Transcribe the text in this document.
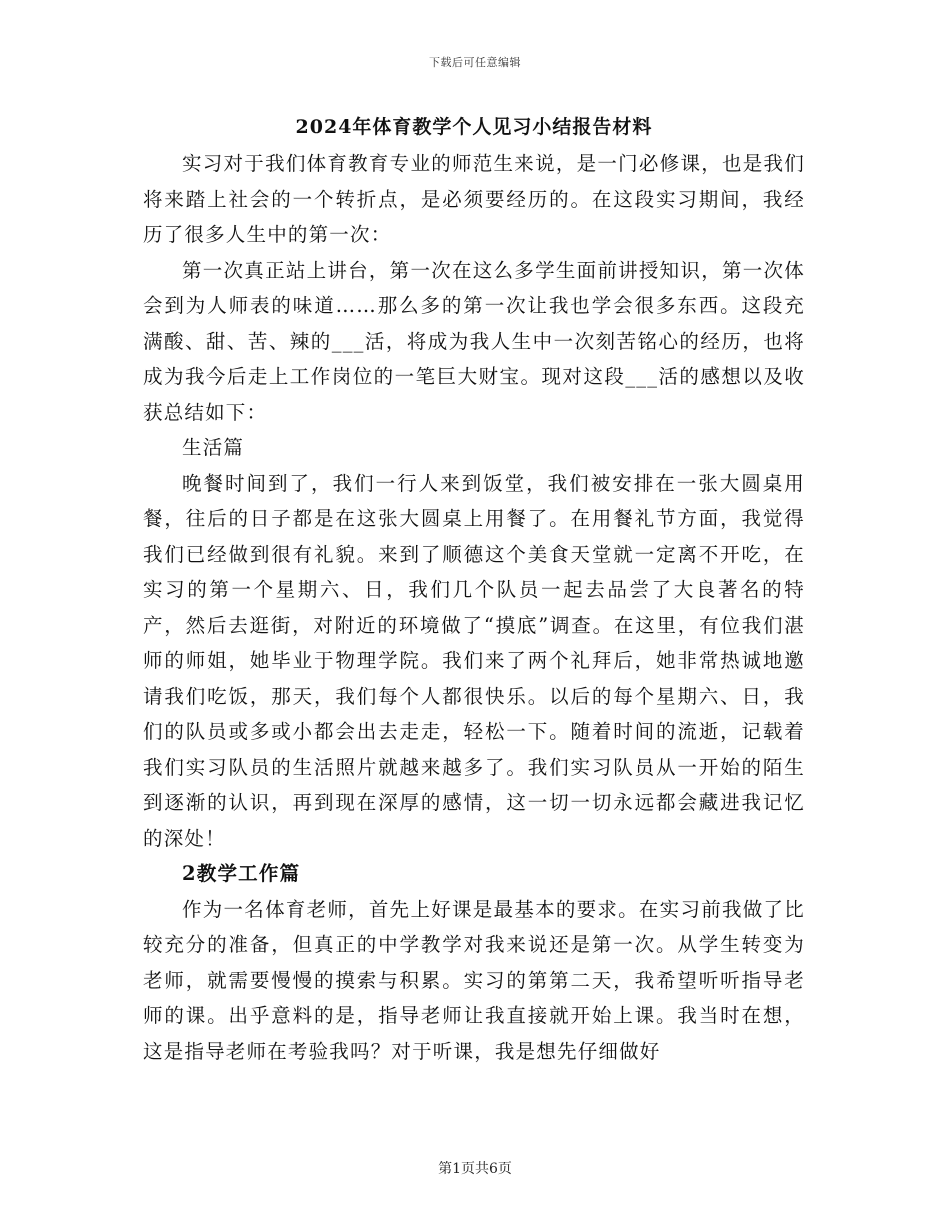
下载后可任意编辑
2024年体育教学个人见习小结报告材料

实习对于我们体育教育专业的师范生来说，是一门必修课，也是我们将来踏上社会的一个转折点，是必须要经历的。在这段实习期间，我经历了很多人生中的第一次：

第一次真正站上讲台，第一次在这么多学生面前讲授知识，第一次体会到为人师表的味道……那么多的第一次让我也学会很多东西。这段充满酸、甜、苦、辣的___活，将成为我人生中一次刻苦铭心的经历，也将成为我今后走上工作岗位的一笔巨大财宝。现对这段___活的感想以及收获总结如下：

生活篇

晚餐时间到了，我们一行人来到饭堂，我们被安排在一张大圆桌用餐，往后的日子都是在这张大圆桌上用餐了。在用餐礼节方面，我觉得我们已经做到很有礼貌。来到了顺德这个美食天堂就一定离不开吃，在实习的第一个星期六、日，我们几个队员一起去品尝了大良著名的特产，然后去逛街，对附近的环境做了“摸底”调查。在这里，有位我们湛师的师姐，她毕业于物理学院。我们来了两个礼拜后，她非常热诚地邀请我们吃饭，那天，我们每个人都很快乐。以后的每个星期六、日，我们的队员或多或小都会出去走走，轻松一下。随着时间的流逝，记载着我们实习队员的生活照片就越来越多了。我们实习队员从一开始的陌生到逐渐的认识，再到现在深厚的感情，这一切一切永远都会藏进我记忆的深处！

2教学工作篇

作为一名体育老师，首先上好课是最基本的要求。在实习前我做了比较充分的准备，但真正的中学教学对我来说还是第一次。从学生转变为老师，就需要慢慢的摸索与积累。实习的第第二天，我希望听听指导老师的课。出乎意料的是，指导老师让我直接就开始上课。我当时在想，这是指导老师在考验我吗？对于听课，我是想先仔细做好

第1页共6页
